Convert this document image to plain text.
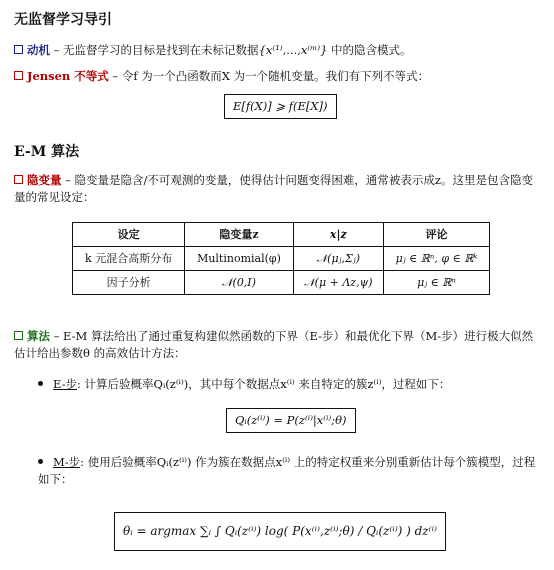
无监督学习导引
动机 – 无监督学习的目标是找到在未标记数据{x⁽¹⁾,...,x⁽ᵐ⁾} 中的隐含模式。
Jensen 不等式 – 令f 为一个凸函数而X 为一个随机变量。我们有下列不等式：
E[f(X)] ⩾ f(E[X])
E-M 算法
隐变量 – 隐变量是隐含/不可观测的变量，使得估计问题变得困难，通常被表示成z。这里是包含隐变量的常见设定：
设定	隐变量z	x|z	评论
k 元混合高斯分布	Multinomial(φ)	𝒩(μⱼ,Σⱼ)	μⱼ ∈ ℝⁿ, φ ∈ ℝᵏ
因子分析	𝒩(0,I)	𝒩(μ + Λz,ψ)	μⱼ ∈ ℝⁿ
算法 – E-M 算法给出了通过重复构建似然函数的下界（E-步）和最优化下界（M-步）进行极大似然估计给出参数θ 的高效估计方法：
E-步: 计算后验概率Qᵢ(z⁽ⁱ⁾)，其中每个数据点x⁽ⁱ⁾ 来自特定的簇z⁽ⁱ⁾，过程如下：
Qᵢ(z⁽ⁱ⁾) = P(z⁽ⁱ⁾|x⁽ⁱ⁾;θ)
M-步: 使用后验概率Qᵢ(z⁽ⁱ⁾) 作为簇在数据点x⁽ⁱ⁾ 上的特定权重来分别重新估计每个簇模型，过程如下：
θᵢ = argmax ∑ᵢ ∫ Qᵢ(z⁽ⁱ⁾) log( P(x⁽ⁱ⁾,z⁽ⁱ⁾;θ) / Qᵢ(z⁽ⁱ⁾) ) dz⁽ⁱ⁾
